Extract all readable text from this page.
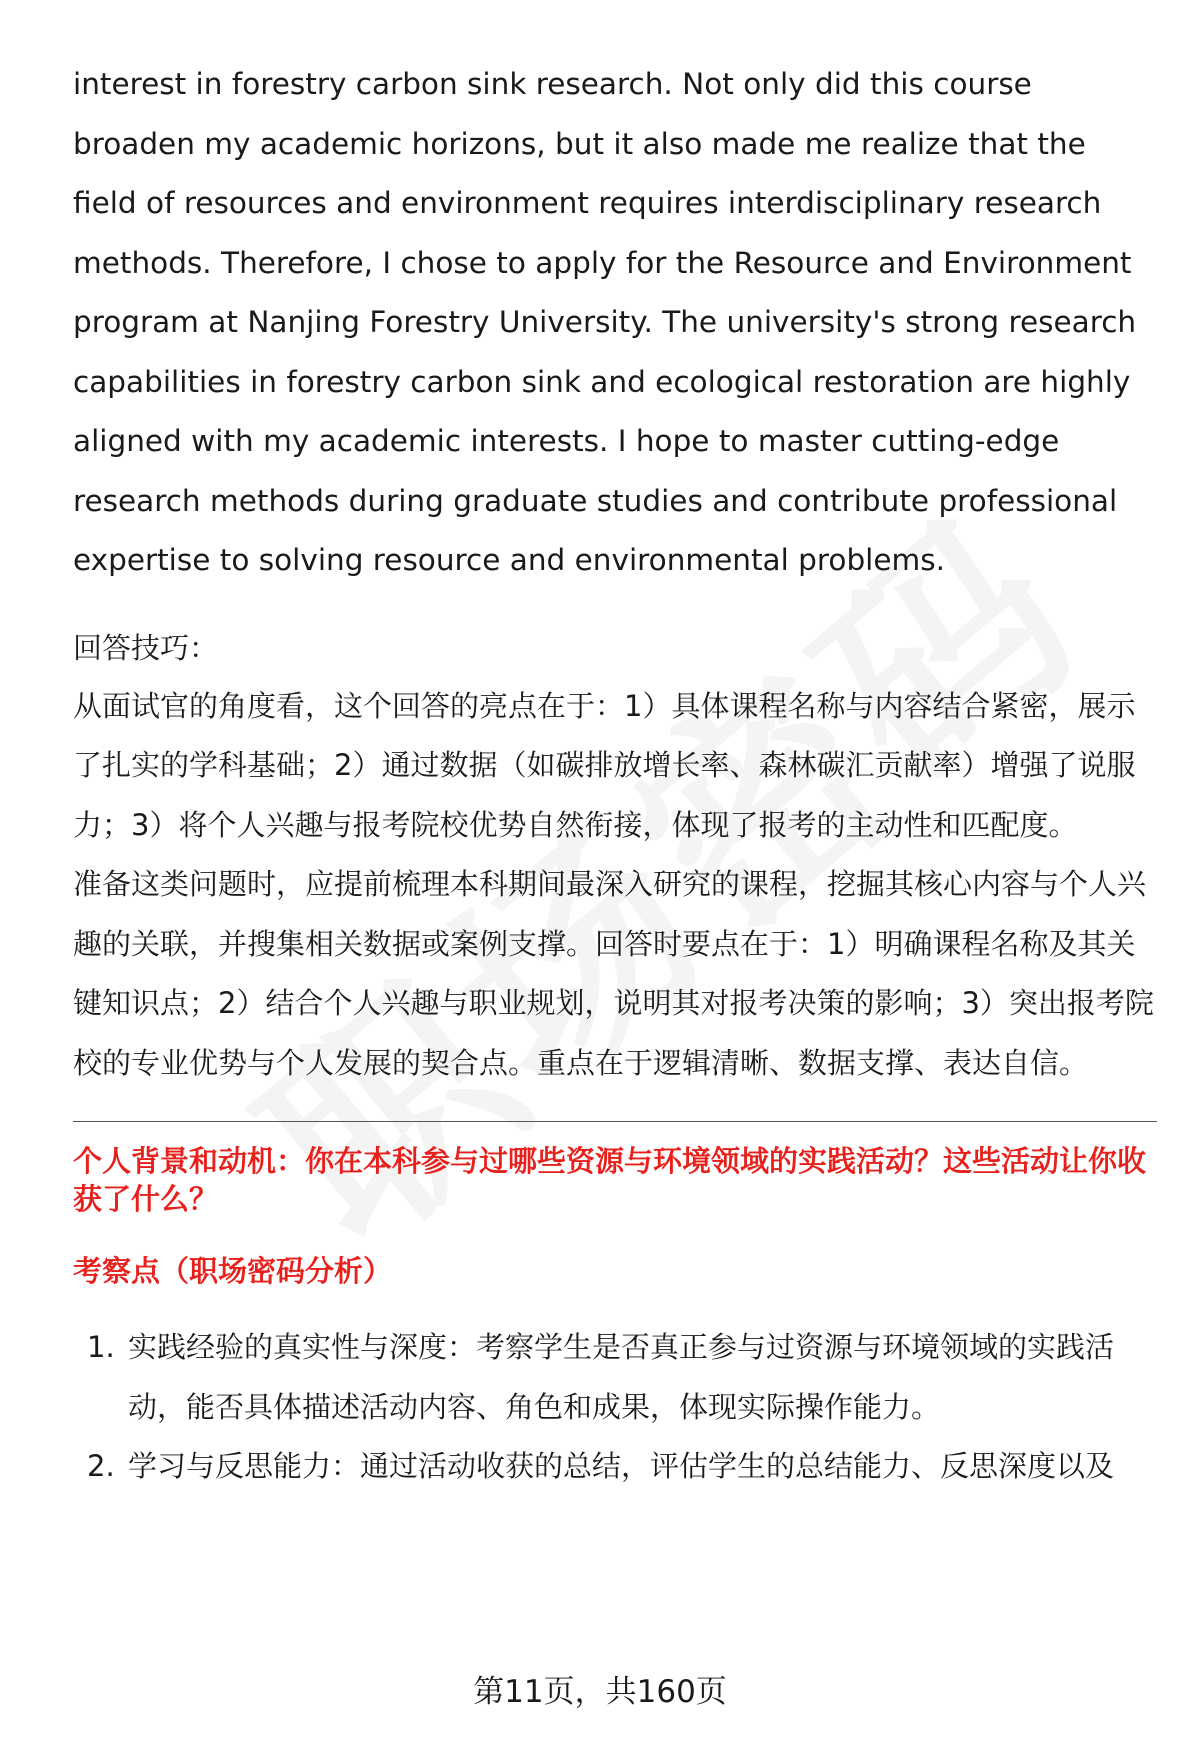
interest in forestry carbon sink research. Not only did this course broaden my academic horizons, but it also made me realize that the field of resources and environment requires interdisciplinary research methods. Therefore, I chose to apply for the Resource and Environment program at Nanjing Forestry University. The university's strong research capabilities in forestry carbon sink and ecological restoration are highly aligned with my academic interests. I hope to master cutting-edge research methods during graduate studies and contribute professional expertise to solving resource and environmental problems.

回答技巧：

从面试官的角度看，这个回答的亮点在于：1）具体课程名称与内容结合紧密，展示了扎实的学科基础；2）通过数据（如碳排放增长率、森林碳汇贡献率）增强了说服力；3）将个人兴趣与报考院校优势自然衔接，体现了报考的主动性和匹配度。

准备这类问题时，应提前梳理本科期间最深入研究的课程，挖掘其核心内容与个人兴趣的关联，并搜集相关数据或案例支撑。回答时要点在于：1）明确课程名称及其关键知识点；2）结合个人兴趣与职业规划，说明其对报考决策的影响；3）突出报考院校的专业优势与个人发展的契合点。重点在于逻辑清晰、数据支撑、表达自信。

个人背景和动机：你在本科参与过哪些资源与环境领域的实践活动？这些活动让你收获了什么？

考察点（职场密码分析）

1. 实践经验的真实性与深度：考察学生是否真正参与过资源与环境领域的实践活动，能否具体描述活动内容、角色和成果，体现实际操作能力。
2. 学习与反思能力：通过活动收获的总结，评估学生的总结能力、反思深度以及
第11页，共160页
